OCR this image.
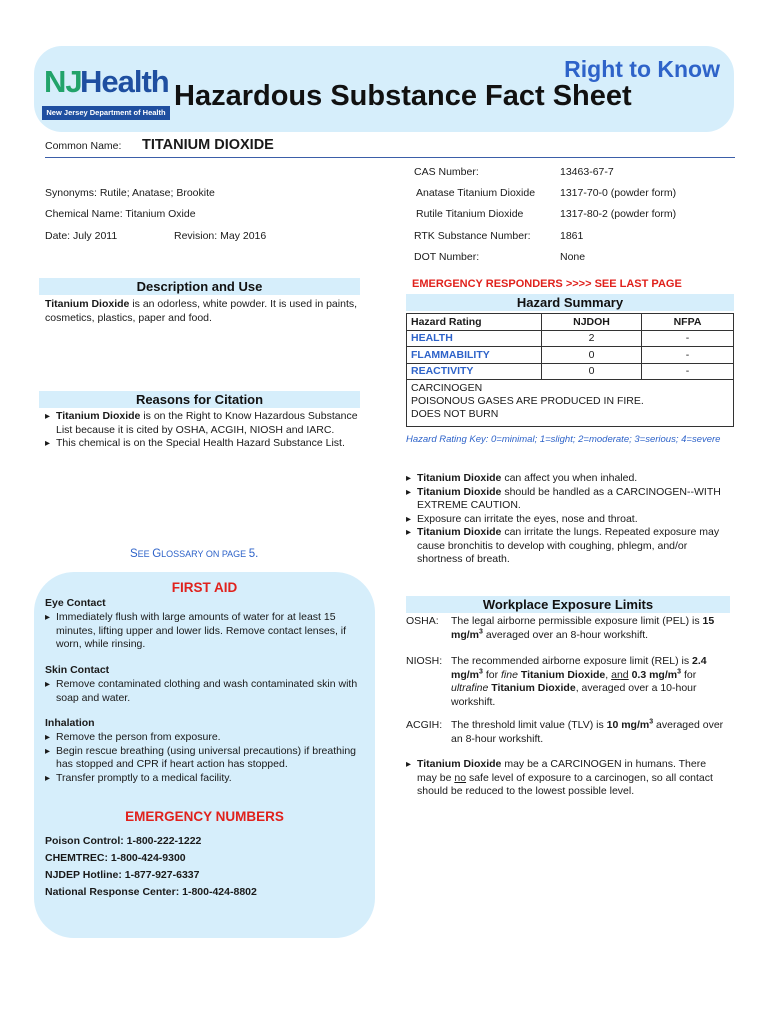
NJ
Health
New Jersey Department of Health
Right to Know
Hazardous Substance Fact Sheet
Common Name: TITANIUM DIOXIDE
Synonyms: Rutile; Anatase; Brookite
Chemical Name: Titanium Oxide
Date: July 2011	Revision: May 2016
CAS Number:	13463-67-7
Anatase Titanium Dioxide 1317-70-0 (powder form)
Rutile Titanium Dioxide	1317-80-2 (powder form)
RTK Substance Number:	1861
DOT Number:	None
Description and Use
Titanium Dioxide is an odorless, white powder. It is used in paints, cosmetics, plastics, paper and food.
Reasons for Citation
▸ Titanium Dioxide is on the Right to Know Hazardous Substance List because it is cited by OSHA, ACGIH, NIOSH and IARC.
▸ This chemical is on the Special Health Hazard Substance List.
SEE GLOSSARY ON PAGE 5.
FIRST AID
Eye Contact
▸ Immediately flush with large amounts of water for at least 15 minutes, lifting upper and lower lids. Remove contact lenses, if worn, while rinsing.
Skin Contact
▸ Remove contaminated clothing and wash contaminated skin with soap and water.
Inhalation
▸ Remove the person from exposure.
▸ Begin rescue breathing (using universal precautions) if breathing has stopped and CPR if heart action has stopped.
▸ Transfer promptly to a medical facility.
EMERGENCY NUMBERS
Poison Control: 1-800-222-1222
CHEMTREC: 1-800-424-9300
NJDEP Hotline: 1-877-927-6337
National Response Center: 1-800-424-8802
EMERGENCY RESPONDERS >>>> SEE LAST PAGE
Hazard Summary
Hazard Rating	NJDOH	NFPA
HEALTH	2	-
FLAMMABILITY	0	-
REACTIVITY	0	-

CARCINOGEN
POISONOUS GASES ARE PRODUCED IN FIRE.
DOES NOT BURN		
Hazard Rating Key: 0=minimal; 1=slight; 2=moderate; 3=serious; 4=severe
▸ Titanium Dioxide can affect you when inhaled.
▸ Titanium Dioxide should be handled as a CARCINOGEN--WITH EXTREME CAUTION.
▸ Exposure can irritate the eyes, nose and throat.
▸ Titanium Dioxide can irritate the lungs. Repeated exposure may cause bronchitis to develop with coughing, phlegm, and/or shortness of breath.
Workplace Exposure Limits
OSHA: The legal airborne permissible exposure limit (PEL) is 15 $mg/m^3$ averaged over an 8-hour workshift.
NIOSH: The recommended airborne exposure limit (REL) is 2.4 $mg/m^3$ for fine Titanium Dioxide, and 0.3 $mg/m^3$ for ultrafine Titanium Dioxide, averaged over a 10-hour workshift.
ACGIH: The threshold limit value (TLV) is 10 $mg/m^3$ averaged over an 8-hour workshift.
▸ Titanium Dioxide may be a CARCINOGEN in humans. There may be no safe level of exposure to a carcinogen, so all contact should be reduced to the lowest possible level.
